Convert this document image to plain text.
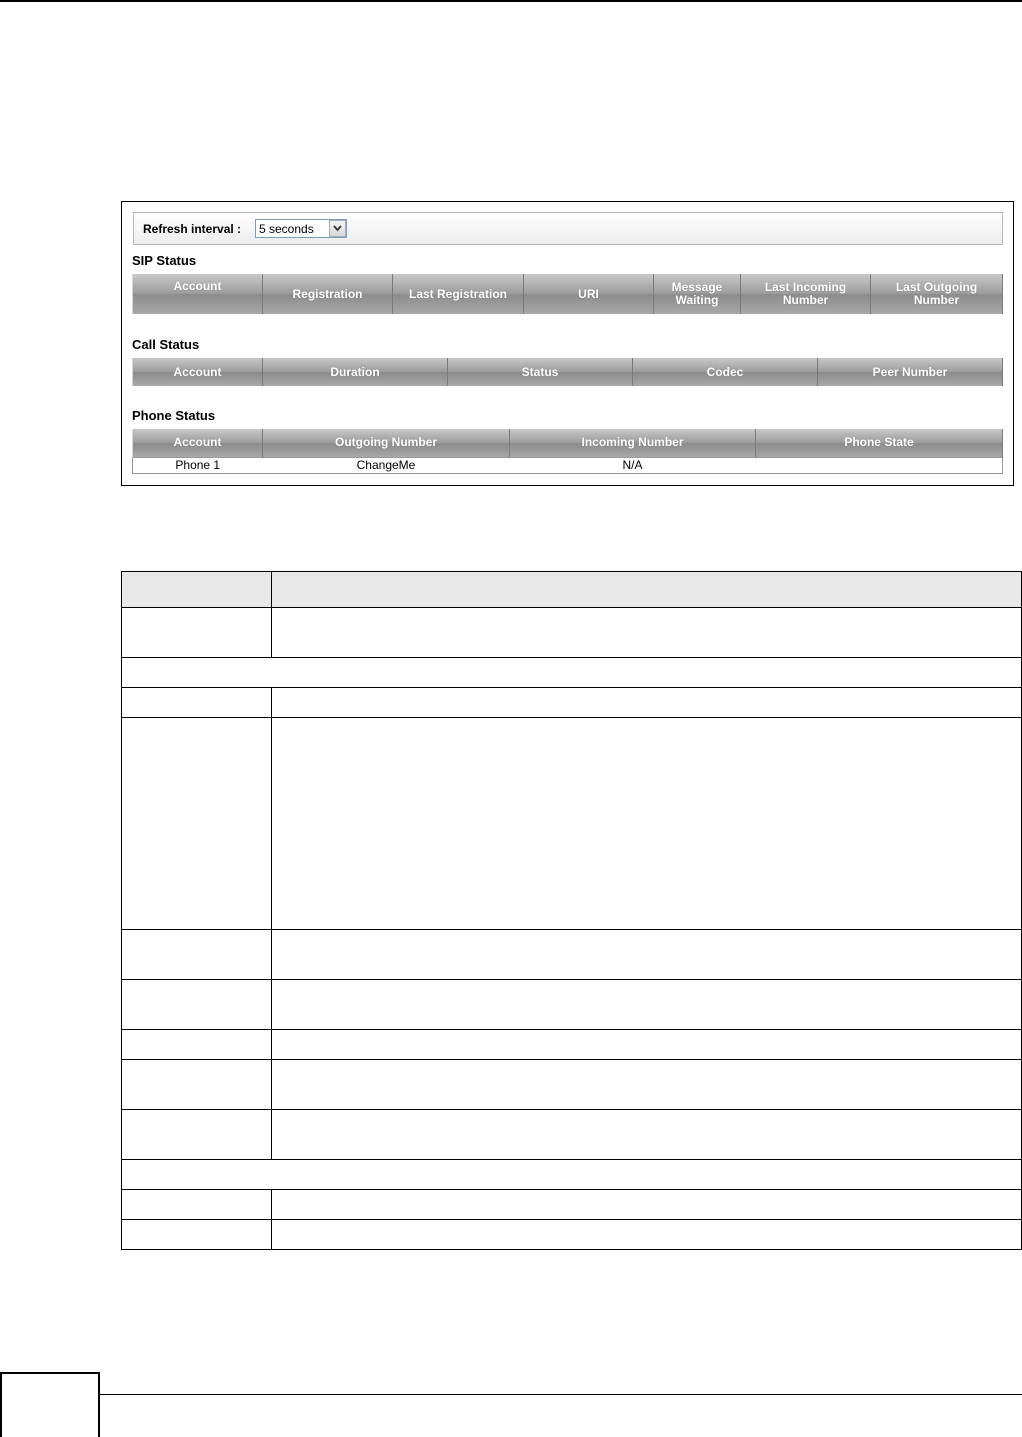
Refresh interval : 5 seconds
SIP Status
Account	Registration	Last Registration	URI	Message Waiting	Last Incoming Number	Last Outgoing Number
Call Status
Account	Duration	Status	Codec	Peer Number
Phone Status
Account	Outgoing Number	Incoming Number	Phone State
Phone 1	ChangeMe	N/A	
